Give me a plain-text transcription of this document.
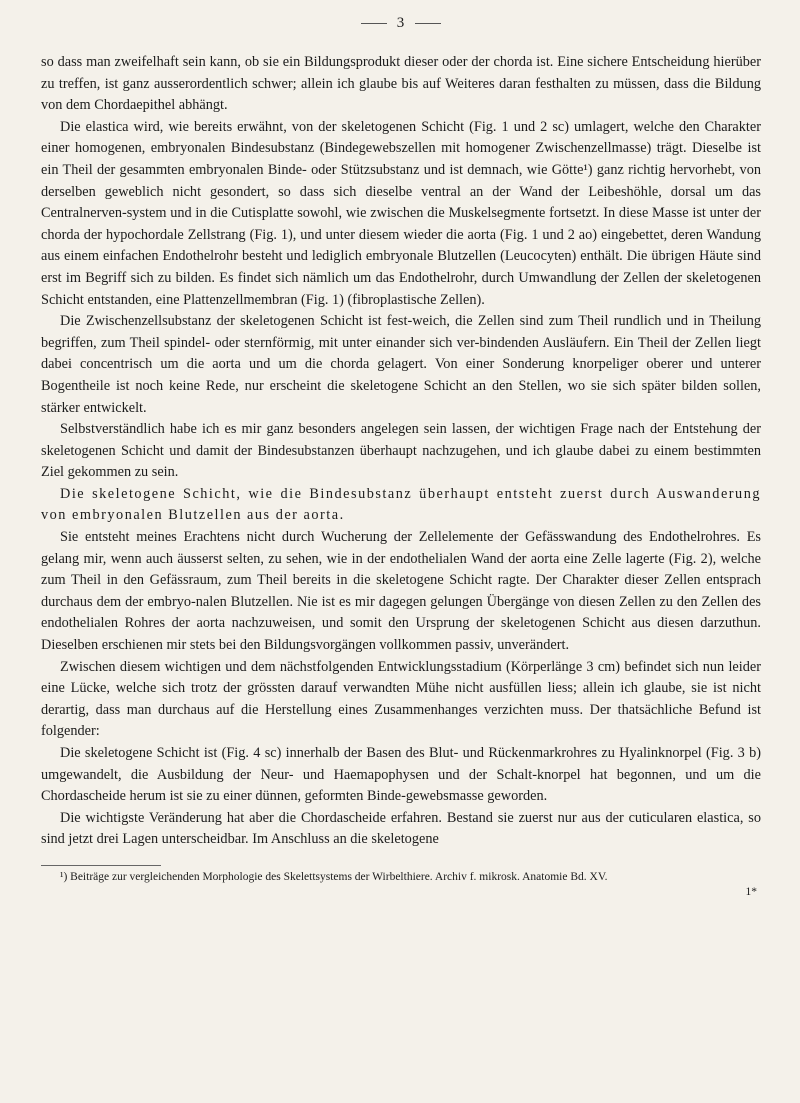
3

so dass man zweifelhaft sein kann, ob sie ein Bildungsprodukt dieser oder der chorda ist. Eine sichere Entscheidung hierüber zu treffen, ist ganz ausserordentlich schwer; allein ich glaube bis auf Weiteres daran festhalten zu müssen, dass die Bildung von dem Chordaepithel abhängt.

Die elastica wird, wie bereits erwähnt, von der skeletogenen Schicht (Fig. 1 und 2 sc) umlagert, welche den Charakter einer homogenen, embryonalen Bindesubstanz (Bindegewebszellen mit homogener Zwischenzellmasse) trägt. Dieselbe ist ein Theil der gesammten embryonalen Binde- oder Stützsubstanz und ist demnach, wie Götte¹) ganz richtig hervorhebt, von derselben geweblich nicht gesondert, so dass sich dieselbe ventral an der Wand der Leibeshöhle, dorsal um das Centralnerven-system und in die Cutisplatte sowohl, wie zwischen die Muskelsegmente fortsetzt. In diese Masse ist unter der chorda der hypochordale Zellstrang (Fig. 1), und unter diesem wieder die aorta (Fig. 1 und 2 ao) eingebettet, deren Wandung aus einem einfachen Endothelrohr besteht und lediglich embryonale Blutzellen (Leucocyten) enthält. Die übrigen Häute sind erst im Begriff sich zu bilden. Es findet sich nämlich um das Endothelrohr, durch Umwandlung der Zellen der skeletogenen Schicht entstanden, eine Plattenzellmembran (Fig. 1) (fibroplastische Zellen).

Die Zwischenzellsubstanz der skeletogenen Schicht ist fest-weich, die Zellen sind zum Theil rundlich und in Theilung begriffen, zum Theil spindel- oder sternförmig, mit unter einander sich ver-bindenden Ausläufern. Ein Theil der Zellen liegt dabei concentrisch um die aorta und um die chorda gelagert. Von einer Sonderung knorpeliger oberer und unterer Bogentheile ist noch keine Rede, nur erscheint die skeletogene Schicht an den Stellen, wo sie sich später bilden sollen, stärker entwickelt.

Selbstverständlich habe ich es mir ganz besonders angelegen sein lassen, der wichtigen Frage nach der Entstehung der skeletogenen Schicht und damit der Bindesubstanzen überhaupt nachzugehen, und ich glaube dabei zu einem bestimmten Ziel gekommen zu sein.

Die skeletogene Schicht, wie die Bindesubstanz überhaupt entsteht zuerst durch Auswanderung von embryonalen Blutzellen aus der aorta.

Sie entsteht meines Erachtens nicht durch Wucherung der Zellelemente der Gefässwandung des Endothelrohres. Es gelang mir, wenn auch äusserst selten, zu sehen, wie in der endothelialen Wand der aorta eine Zelle lagerte (Fig. 2), welche zum Theil in den Gefässraum, zum Theil bereits in die skeletogene Schicht ragte. Der Charakter dieser Zellen entsprach durchaus dem der embryo-nalen Blutzellen. Nie ist es mir dagegen gelungen Übergänge von diesen Zellen zu den Zellen des endothelialen Rohres der aorta nachzuweisen, und somit den Ursprung der skeletogenen Schicht aus diesen darzuthun. Dieselben erschienen mir stets bei den Bildungsvorgängen vollkommen passiv, unverändert.

Zwischen diesem wichtigen und dem nächstfolgenden Entwicklungsstadium (Körperlänge 3 cm) befindet sich nun leider eine Lücke, welche sich trotz der grössten darauf verwandten Mühe nicht ausfüllen liess; allein ich glaube, sie ist nicht derartig, dass man durchaus auf die Herstellung eines Zusammenhanges verzichten muss. Der thatsächliche Befund ist folgender:

Die skeletogene Schicht ist (Fig. 4 sc) innerhalb der Basen des Blut- und Rückenmarkrohres zu Hyalinknorpel (Fig. 3 b) umgewandelt, die Ausbildung der Neur- und Haemapophysen und der Schalt-knorpel hat begonnen, und um die Chordascheide herum ist sie zu einer dünnen, geformten Binde-gewebsmasse geworden.

Die wichtigste Veränderung hat aber die Chordascheide erfahren. Bestand sie zuerst nur aus der cuticularen elastica, so sind jetzt drei Lagen unterscheidbar. Im Anschluss an die skeletogene

¹) Beiträge zur vergleichenden Morphologie des Skelettsystems der Wirbelthiere. Archiv f. mikrosk. Anatomie Bd. XV.

1*
